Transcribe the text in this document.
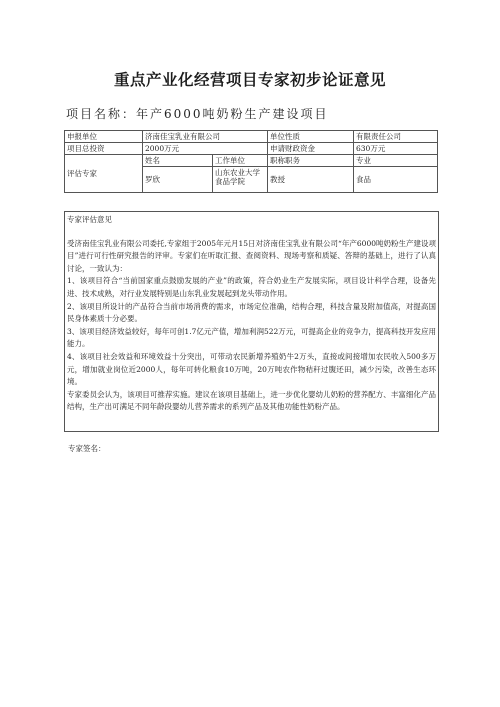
重点产业化经营项目专家初步论证意见
项目名称：年产6000吨奶粉生产建设项目
申报单位	济南佳宝乳业有限公司		单位性质	有限责任公司
项目总投资	2000万元		申请财政资金	630万元
评估专家	姓名	工作单位	职称职务	专业
	罗欣	山东农业大学食品学院	教授	食品
专家评估意见

受济南佳宝乳业有限公司委托,专家组于2005年元月15日对济南佳宝乳业有限公司“年产6000吨奶粉生产建设项目”进行可行性研究报告的评审。专家们在听取汇报、查阅资料、现场考察和质疑、答辩的基础上，进行了认真讨论，一致认为：

1、该项目符合“当前国家重点鼓励发展的产业”的政策，符合奶业生产发展实际，项目设计科学合理，设备先进、技术成熟，对行业发展特别是山东乳业发展起到龙头带动作用。

2、该项目所设计的产品符合当前市场消费的需求，市场定位准确，结构合理，科技含量及附加值高，对提高国民身体素质十分必要。

3、该项目经济效益较好，每年可创1.7亿元产值，增加利润522万元，可提高企业的竞争力，提高科技开发应用能力。

4、该项目社会效益和环境效益十分突出，可带动农民新增养殖奶牛2万头，直接或间接增加农民收入500多万元，增加就业岗位近2000人，每年可转化粮食10万吨，20万吨农作物秸秆过腹还田，减少污染，改善生态环境。

专家委员会认为，该项目可推荐实施。建议在该项目基础上，进一步优化婴幼儿奶粉的营养配方、丰富细化产品结构，生产出可满足不同年龄段婴幼儿营养需求的系列产品及其他功能性奶粉产品。

专家签名：
